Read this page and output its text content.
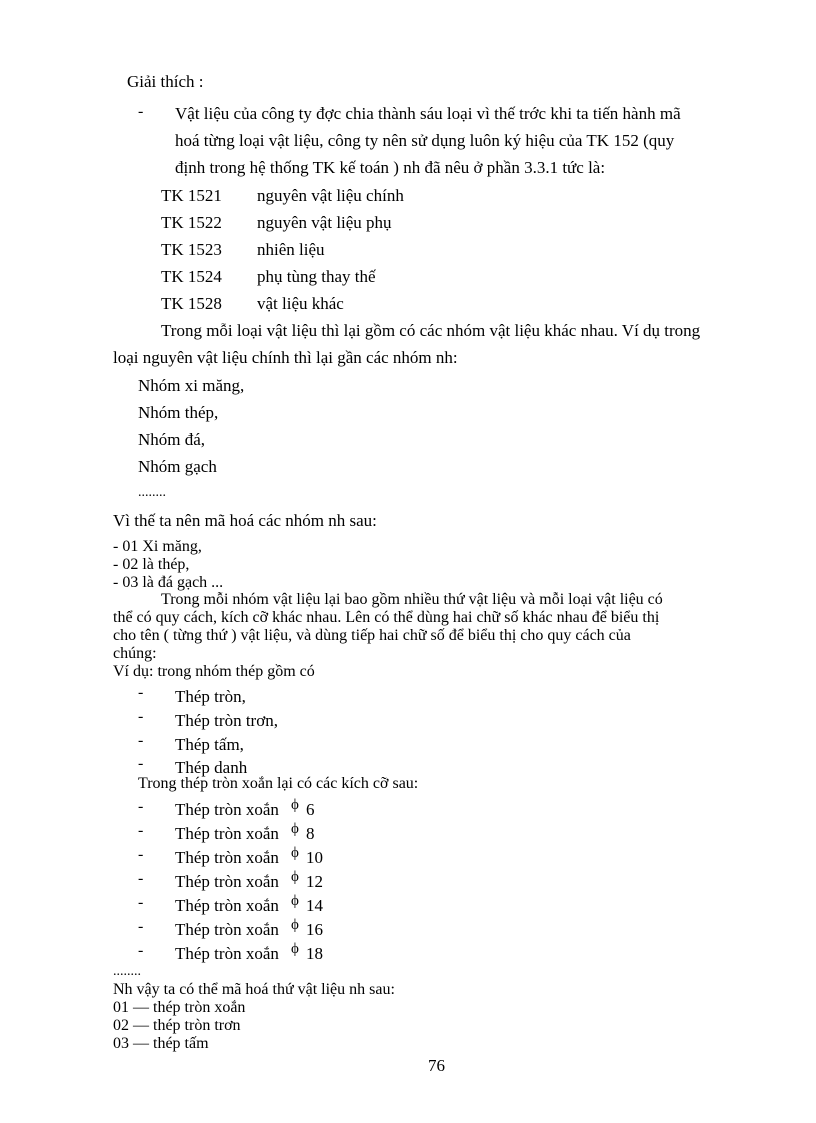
Giải thích :
- Vật liệu của công ty đợc chia thành sáu loại vì thế trớc khi ta tiến hành mã
hoá từng loại vật liệu, công ty nên sử dụng luôn ký hiệu của TK 152 (quy
định trong hệ thống TK kế toán ) nh đã nêu ở phần 3.3.1 tức là:
TK 1521 nguyên vật liệu chính
TK 1522 nguyên vật liệu phụ
TK 1523 nhiên liệu
TK 1524 phụ tùng thay thế
TK 1528 vật liệu khác
Trong mỗi loại vật liệu thì lại gồm có các nhóm vật liệu khác nhau. Ví dụ trong
loại nguyên vật liệu chính thì lại gần các nhóm nh:
Nhóm xi măng,
Nhóm thép,
Nhóm đá,
Nhóm gạch
........
Vì thế ta nên mã hoá các nhóm nh sau:
- 01 Xi măng,
- 02 là thép,
- 03 là đá gạch ...
Trong mỗi nhóm vật liệu lại bao gồm nhiều thứ vật liệu và mỗi loại vật liệu có
thể có quy cách, kích cỡ khác nhau. Lên có thể dùng hai chữ số khác nhau để biểu thị
cho tên ( từng thứ ) vật liệu, và dùng tiếp hai chữ số để biểu thị cho quy cách của
chúng:
Ví dụ: trong nhóm thép gồm có
- Thép tròn,
- Thép tròn trơn,
- Thép tấm,
- Thép danh
Trong thép tròn xoắn lại có các kích cỡ sau:
- Thép tròn xoắn ϕ 6
- Thép tròn xoắn ϕ 8
- Thép tròn xoắn ϕ 10
- Thép tròn xoắn ϕ 12
- Thép tròn xoắn ϕ 14
- Thép tròn xoắn ϕ 16
- Thép tròn xoắn ϕ 18
........
Nh vậy ta có thể mã hoá thứ vật liệu nh sau:
01 — thép tròn xoắn
02 — thép tròn trơn
03 — thép tấm
76
